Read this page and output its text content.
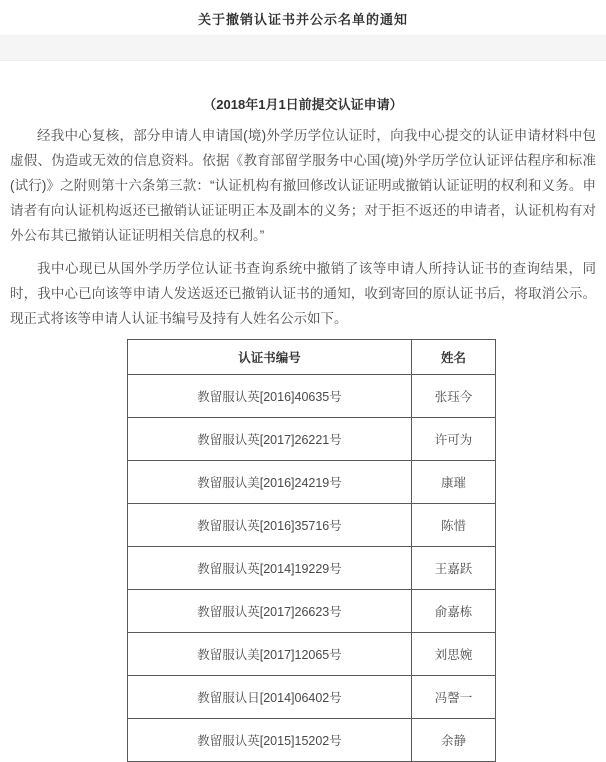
关于撤销认证书并公示名单的通知
（2018年1月1日前提交认证申请）

经我中心复核，部分申请人申请国(境)外学历学位认证时，向我中心提交的认证申请材料中包虚假、伪造或无效的信息资料。依据《教育部留学服务中心国(境)外学历学位认证评估程序和标准(试行)》之附则第十六条第三款：“认证机构有撤回修改认证证明或撤销认证证明的权利和义务。申请者有向认证机构返还已撤销认证证明正本及副本的义务；对于拒不返还的申请者，认证机构有对外公布其已撤销认证证明相关信息的权利。”

我中心现已从国外学历学位认证书查询系统中撤销了该等申请人所持认证书的查询结果，同时，我中心已向该等申请人发送返还已撤销认证书的通知，收到寄回的原认证书后，将取消公示。现正式将该等申请人认证书编号及持有人姓名公示如下。

认证书编号	姓名
教留服认英[2016]40635号	张珏今
教留服认英[2017]26221号	许可为
教留服认美[2016]24219号	康璀
教留服认英[2016]35716号	陈惜
教留服认英[2014]19229号	王嘉跃
教留服认英[2017]26623号	俞嘉栋
教留服认美[2017]12065号	刘思婉
教留服认日[2014]06402号	冯謦一
教留服认英[2015]15202号	余静
